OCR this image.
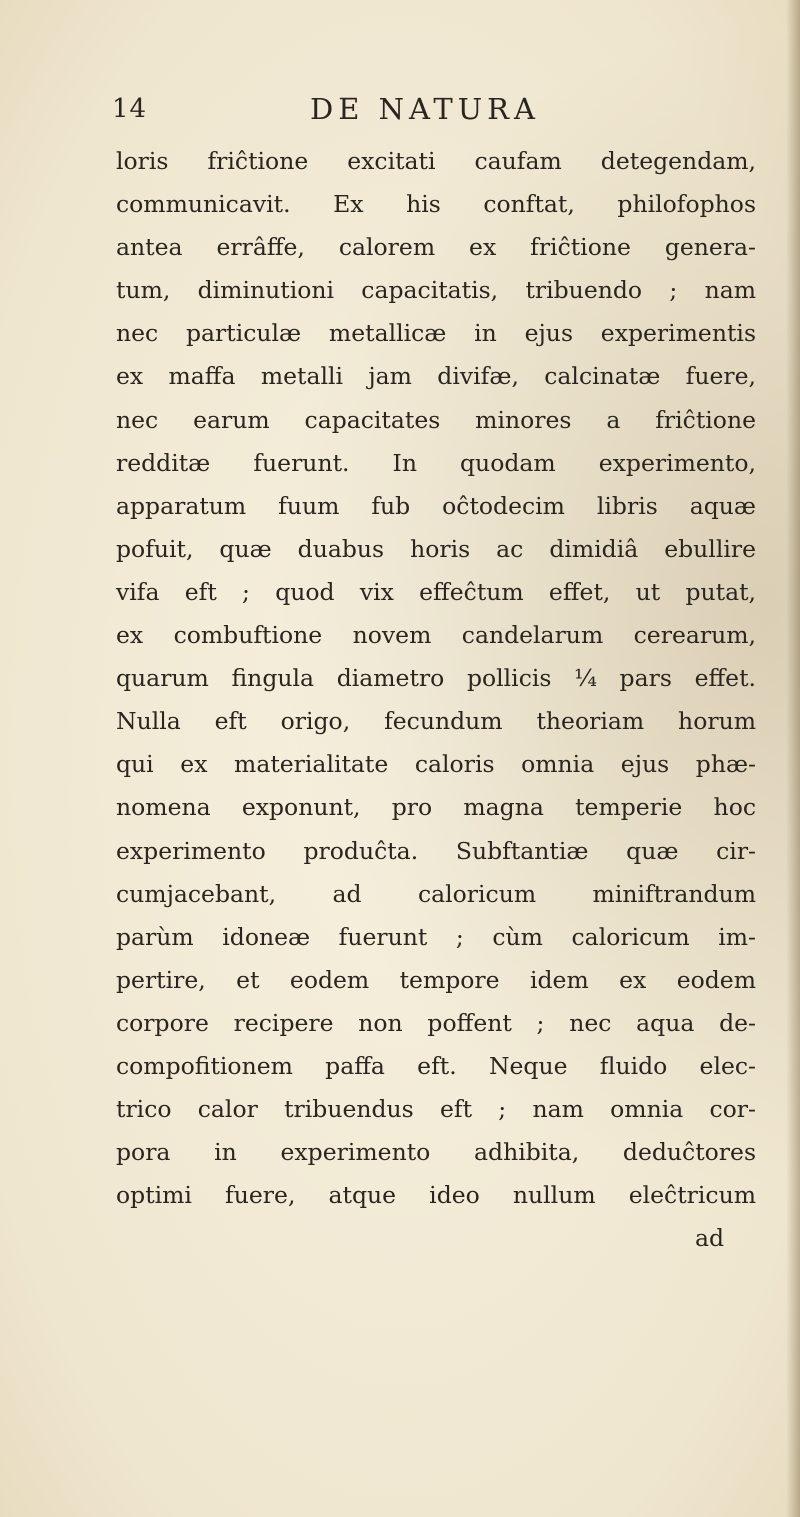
14	DE NATURA
loris friĉtione excitati caufam detegendam,
communicavit. Ex his conftat, philofophos
antea errâffe, calorem ex friĉtione genera-
tum, diminutioni capacitatis, tribuendo ; nam
nec particulæ metallicæ in ejus experimentis
ex maffa metalli jam divifæ, calcinatæ fuere,
nec earum capacitates minores a friĉtione
redditæ fuerunt. In quodam experimento,
apparatum fuum fub oĉtodecim libris aquæ
pofuit, quæ duabus horis ac dimidiâ ebullire
vifa eft ; quod vix effeĉtum effet, ut putat,
ex combuftione novem candelarum cerearum,
quarum fingula diametro pollicis ¼ pars effet.
Nulla eft origo, fecundum theoriam horum
qui ex materialitate caloris omnia ejus phæ-
nomena exponunt, pro magna temperie hoc
experimento produĉta. Subftantiæ quæ cir-
cumjacebant, ad caloricum miniftrandum
parùm idoneæ fuerunt ; cùm caloricum im-
pertire, et eodem tempore idem ex eodem
corpore recipere non poffent ; nec aqua de-
compofitionem paffa eft. Neque fluido elec-
trico calor tribuendus eft ; nam omnia cor-
pora in experimento adhibita, deduĉtores
optimi fuere, atque ideo nullum eleĉtricum
ad
